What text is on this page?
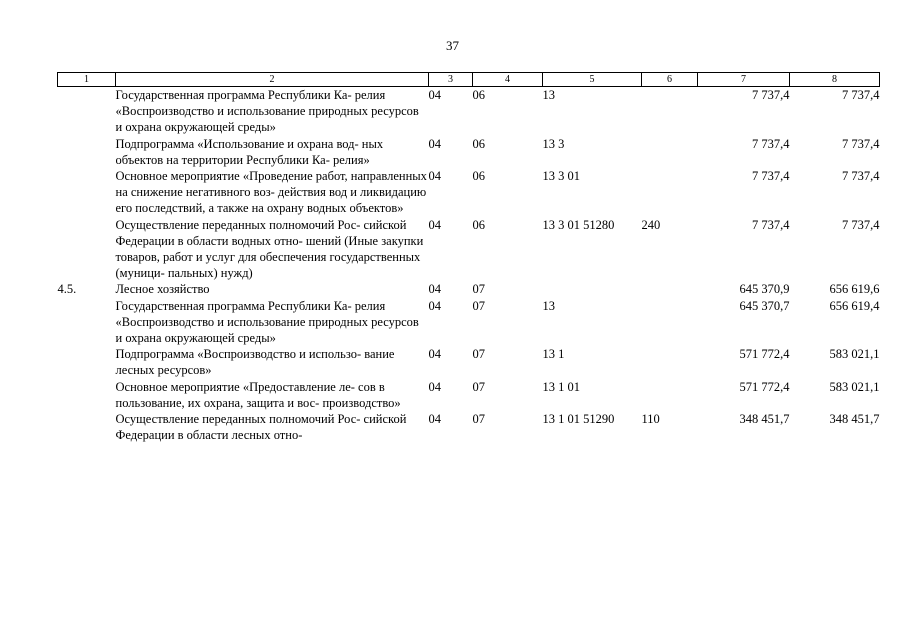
37
1	2	3	4	5	6	7	8
	Государственная программа Республики Ка- релия «Воспроизводство и использование природных ресурсов и охрана окружающей среды»	04	06	13		7 737,4	7 737,4
	Подпрограмма «Использование и охрана вод- ных объектов на территории Республики Ка- релия»	04	06	13 3		7 737,4	7 737,4
	Основное мероприятие «Проведение работ, направленных на снижение негативного воз- действия вод и ликвидацию его последствий, а также на охрану водных объектов»	04	06	13 3 01		7 737,4	7 737,4
	Осуществление переданных полномочий Рос- сийской Федерации в области водных отно- шений (Иные закупки товаров, работ и услуг для обеспечения государственных (муници- пальных) нужд)	04	06	13 3 01 51280	240	7 737,4	7 737,4
4.5.	Лесное хозяйство	04	07			645 370,9	656 619,6
	Государственная программа Республики Ка- релия «Воспроизводство и использование природных ресурсов и охрана окружающей среды»	04	07	13		645 370,7	656 619,4
	Подпрограмма «Воспроизводство и использо- вание лесных ресурсов»	04	07	13 1		571 772,4	583 021,1
	Основное мероприятие «Предоставление ле- сов в пользование, их охрана, защита и вос- производство»	04	07	13 1 01		571 772,4	583 021,1
	Осуществление переданных полномочий Рос- сийской Федерации в области лесных отно-	04	07	13 1 01 51290	110	348 451,7	348 451,7
